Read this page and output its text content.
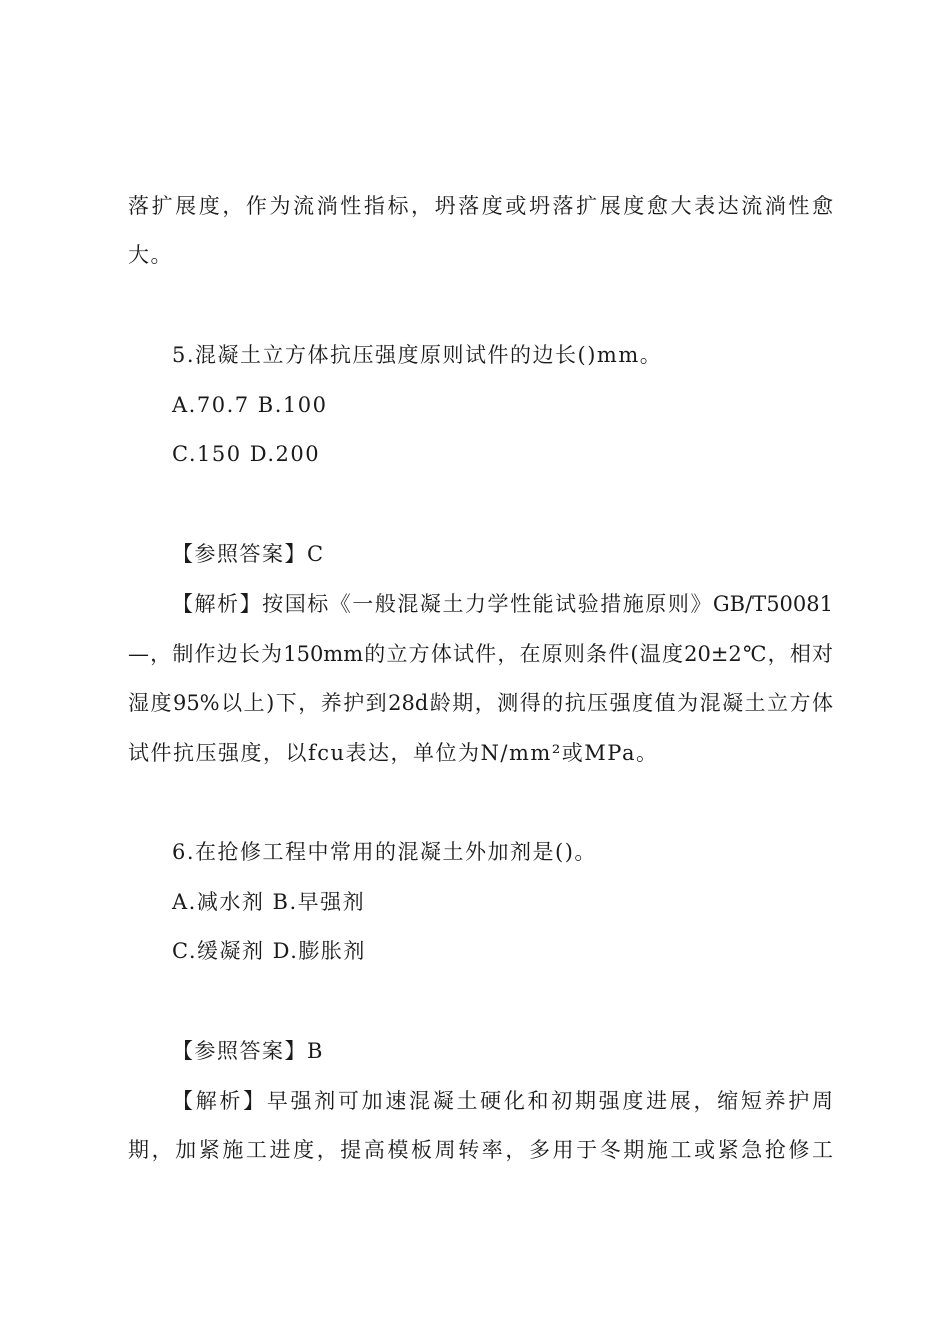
落扩展度，作为流淌性指标，坍落度或坍落扩展度愈大表达流淌性愈
大。
5.混凝土立方体抗压强度原则试件的边长()mm。
A.70.7 B.100
C.150 D.200
【参照答案】C
【解析】按国标《一般混凝土力学性能试验措施原则》GB/T50081
—，制作边长为150mm的立方体试件，在原则条件(温度20±2℃，相对
湿度95%以上)下，养护到28d龄期，测得的抗压强度值为混凝土立方体
试件抗压强度，以fcu表达，单位为N/mm²或MPa。
6.在抢修工程中常用的混凝土外加剂是()。
A.减水剂 B.早强剂
C.缓凝剂 D.膨胀剂
【参照答案】B
【解析】早强剂可加速混凝土硬化和初期强度进展，缩短养护周
期，加紧施工进度，提高模板周转率，多用于冬期施工或紧急抢修工
